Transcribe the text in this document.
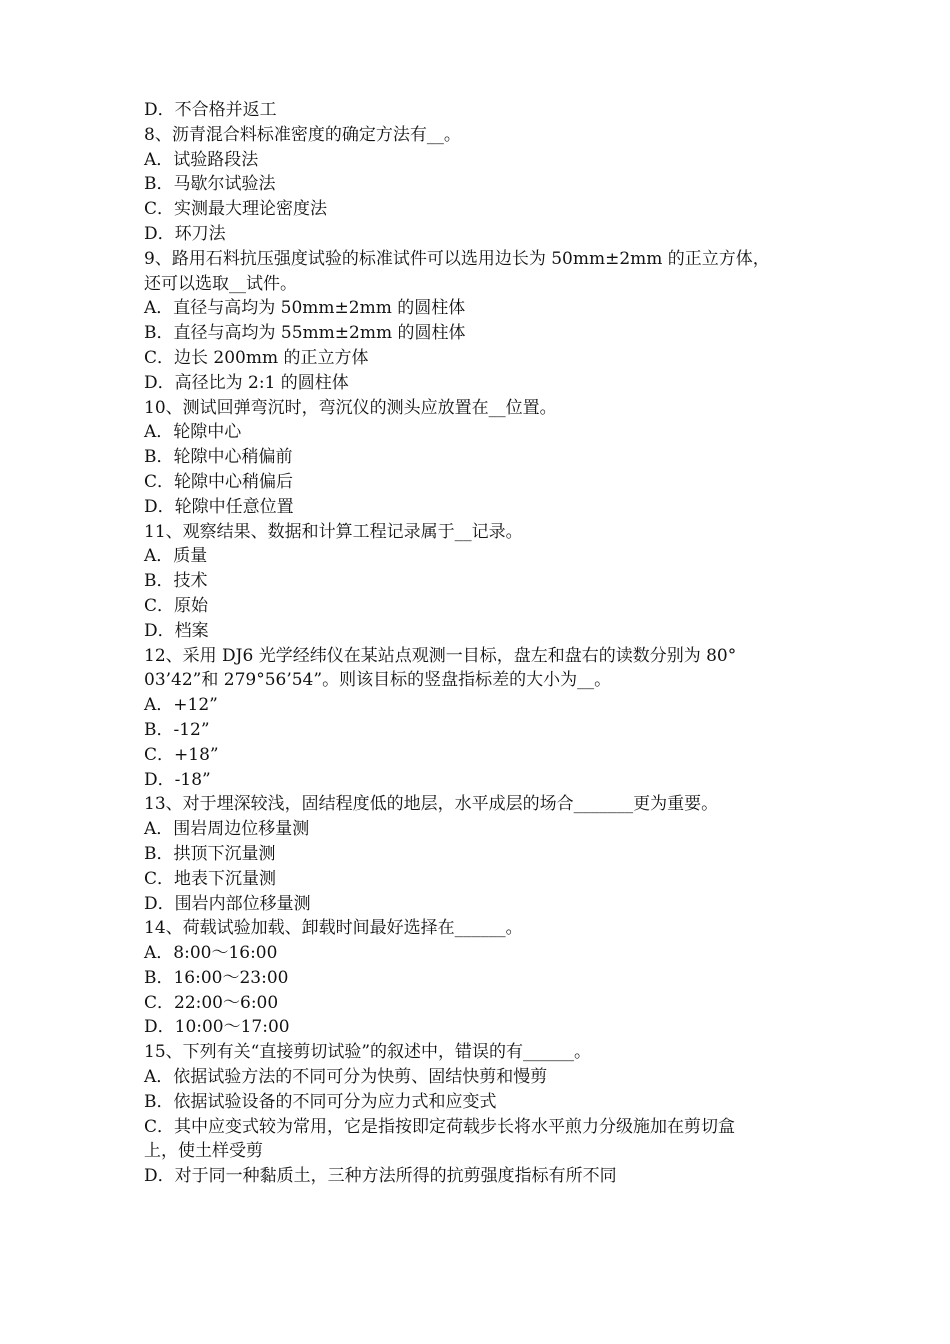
D．不合格并返工
8、沥青混合料标准密度的确定方法有__。
A．试验路段法
B．马歇尔试验法
C．实测最大理论密度法
D．环刀法
9、路用石料抗压强度试验的标准试件可以选用边长为 50mm±2mm 的正立方体，
还可以选取__试件。
A．直径与高均为 50mm±2mm 的圆柱体
B．直径与高均为 55mm±2mm 的圆柱体
C．边长 200mm 的正立方体
D．高径比为 2:1 的圆柱体
10、测试回弹弯沉时，弯沉仪的测头应放置在__位置。
A．轮隙中心
B．轮隙中心稍偏前
C．轮隙中心稍偏后
D．轮隙中任意位置
11、观察结果、数据和计算工程记录属于__记录。
A．质量
B．技术
C．原始
D．档案
12、采用 DJ6 光学经纬仪在某站点观测一目标，盘左和盘右的读数分别为 80°
03’42”和 279°56’54”。则该目标的竖盘指标差的大小为__。
A．+12”
B．-12”
C．+18”
D．-18”
13、对于埋深较浅，固结程度低的地层，水平成层的场合_______更为重要。
A．围岩周边位移量测
B．拱顶下沉量测
C．地表下沉量测
D．围岩内部位移量测
14、荷载试验加载、卸载时间最好选择在______。
A．8:00～16:00
B．16:00～23:00
C．22:00～6:00
D．10:00～17:00
15、下列有关“直接剪切试验”的叙述中，错误的有______。
A．依据试验方法的不同可分为快剪、固结快剪和慢剪
B．依据试验设备的不同可分为应力式和应变式
C．其中应变式较为常用，它是指按即定荷载步长将水平煎力分级施加在剪切盒
上，使土样受剪
D．对于同一种黏质土，三种方法所得的抗剪强度指标有所不同
